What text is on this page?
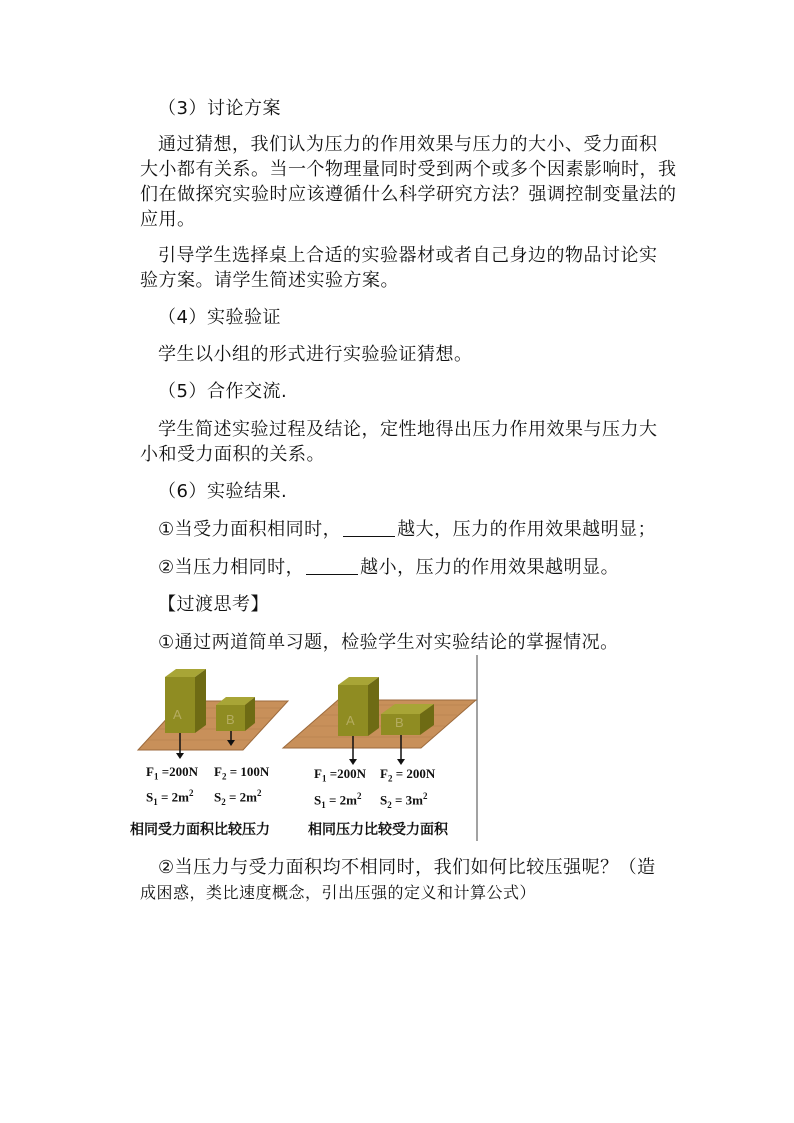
（3）讨论方案
通过猜想，我们认为压力的作用效果与压力的大小、受力面积
大小都有关系。当一个物理量同时受到两个或多个因素影响时，我
们在做探究实验时应该遵循什么科学研究方法？强调控制变量法的
应用。
引导学生选择桌上合适的实验器材或者自己身边的物品讨论实
验方案。请学生简述实验方案。
（4）实验验证
学生以小组的形式进行实验验证猜想。
（5）合作交流.
学生简述实验过程及结论，定性地得出压力作用效果与压力大
小和受力面积的关系。
（6）实验结果.
①当受力面积相同时，	越大，压力的作用效果越明显；
②当压力相同时，	越小，压力的作用效果越明显。
【过渡思考】
①通过两道简单习题，检验学生对实验结论的掌握情况。
A	B	A	B
$F_1 =200N$ $F_2 = 100N$
$S_1 = 2m^2$ $S_2 = 2m^2$
$F_1 =200N$ $F_2 = 200N$
$S_1 = 2m^2$ $S_2 = 3m^2$
相同受力面积比较压力	相同压力比较受力面积
②当压力与受力面积均不相同时，我们如何比较压强呢？（造
成困惑，类比速度概念，引出压强的定义和计算公式）
